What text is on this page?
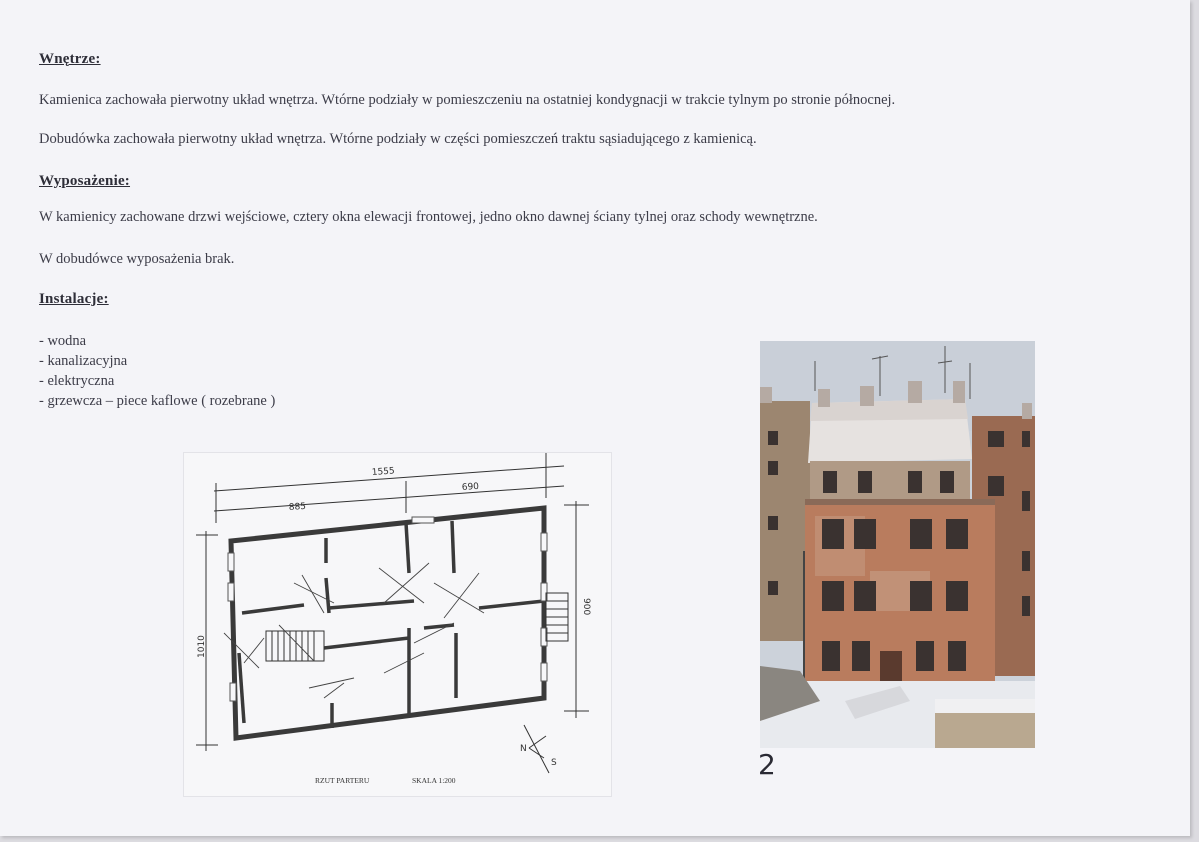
Wnętrze:
Kamienica zachowała pierwotny układ wnętrza. Wtórne podziały w pomieszczeniu na ostatniej kondygnacji w trakcie tylnym po stronie północnej.
Dobudówka zachowała pierwotny układ wnętrza. Wtórne podziały w części pomieszczeń traktu sąsiadującego z kamienicą.
Wyposażenie:
W kamienicy zachowane drzwi wejściowe, cztery okna elewacji frontowej, jedno okno dawnej ściany tylnej oraz schody wewnętrzne.
W dobudówce wyposażenia brak.
Instalacje:
- wodna
- kanalizacyjna
- elektryczna
- grzewcza – piece kaflowe ( rozebrane )
1555
885
690
1010
900
N
S
RZUT PARTERU	SKALA 1:200	2
